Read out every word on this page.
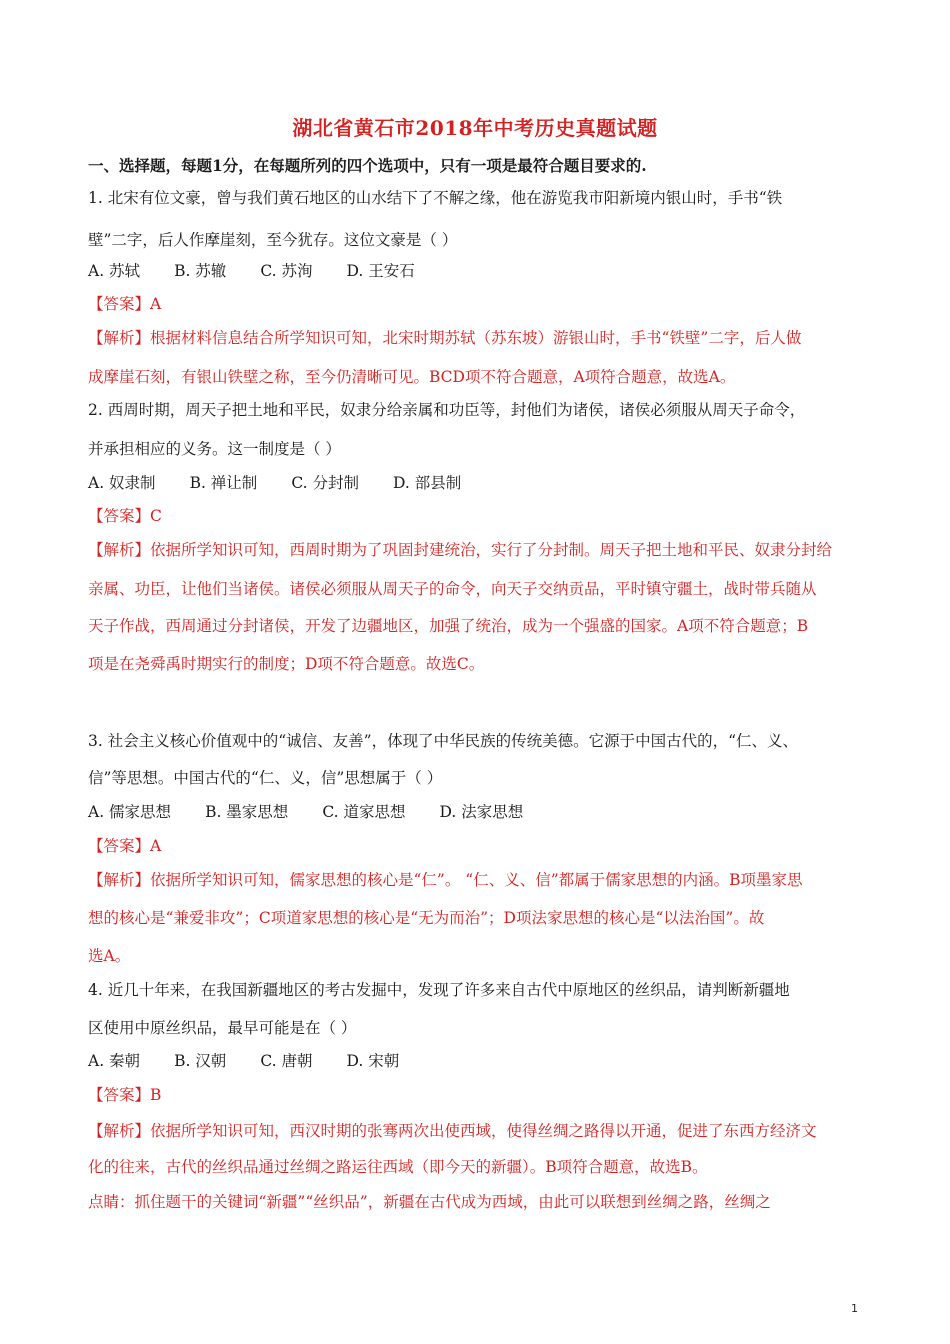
湖北省黄石市2018年中考历史真题试题
一、选择题，每题1分，在每题所列的四个选项中，只有一项是最符合题目要求的.
1. 北宋有位文豪，曾与我们黄石地区的山水结下了不解之缘，他在游览我市阳新境内银山时，手书“铁
壁”二字，后人作摩崖刻，至今犹存。这位文豪是（ ）
A. 苏轼 B. 苏辙 C. 苏洵 D. 王安石
【答案】A
【解析】根据材料信息结合所学知识可知，北宋时期苏轼（苏东坡）游银山时，手书“铁壁”二字，后人做
成摩崖石刻，有银山铁壁之称，至今仍清晰可见。BCD项不符合题意，A项符合题意，故选A。
2. 西周时期，周天子把土地和平民，奴隶分给亲属和功臣等，封他们为诸侯，诸侯必须服从周天子命令，
并承担相应的义务。这一制度是（ ）
A. 奴隶制 B. 禅让制 C. 分封制 D. 部县制
【答案】C
【解析】依据所学知识可知，西周时期为了巩固封建统治，实行了分封制。周天子把土地和平民、奴隶分封给
亲属、功臣，让他们当诸侯。诸侯必须服从周天子的命令，向天子交纳贡品，平时镇守疆土，战时带兵随从
天子作战，西周通过分封诸侯，开发了边疆地区，加强了统治，成为一个强盛的国家。A项不符合题意；B
项是在尧舜禹时期实行的制度；D项不符合题意。故选C。
3. 社会主义核心价值观中的“诚信、友善”，体现了中华民族的传统美德。它源于中国古代的，“仁、义、
信”等思想。中国古代的“仁、义，信”思想属于（ ）
A. 儒家思想 B. 墨家思想 C. 道家思想 D. 法家思想
【答案】A
【解析】依据所学知识可知，儒家思想的核心是“仁”。 “仁、义、信”都属于儒家思想的内涵。B项墨家思
想的核心是“兼爱非攻”；C项道家思想的核心是“无为而治”；D项法家思想的核心是“以法治国”。故
选A。
4. 近几十年来，在我国新疆地区的考古发掘中，发现了许多来自古代中原地区的丝织品，请判断新疆地
区使用中原丝织品，最早可能是在（ ）
A. 秦朝 B. 汉朝 C. 唐朝 D. 宋朝
【答案】B
【解析】依据所学知识可知，西汉时期的张骞两次出使西域，使得丝绸之路得以开通，促进了东西方经济文
化的往来，古代的丝织品通过丝绸之路运往西域（即今天的新疆）。B项符合题意，故选B。
点睛：抓住题干的关键词“新疆”“丝织品”，新疆在古代成为西域，由此可以联想到丝绸之路，丝绸之
1
